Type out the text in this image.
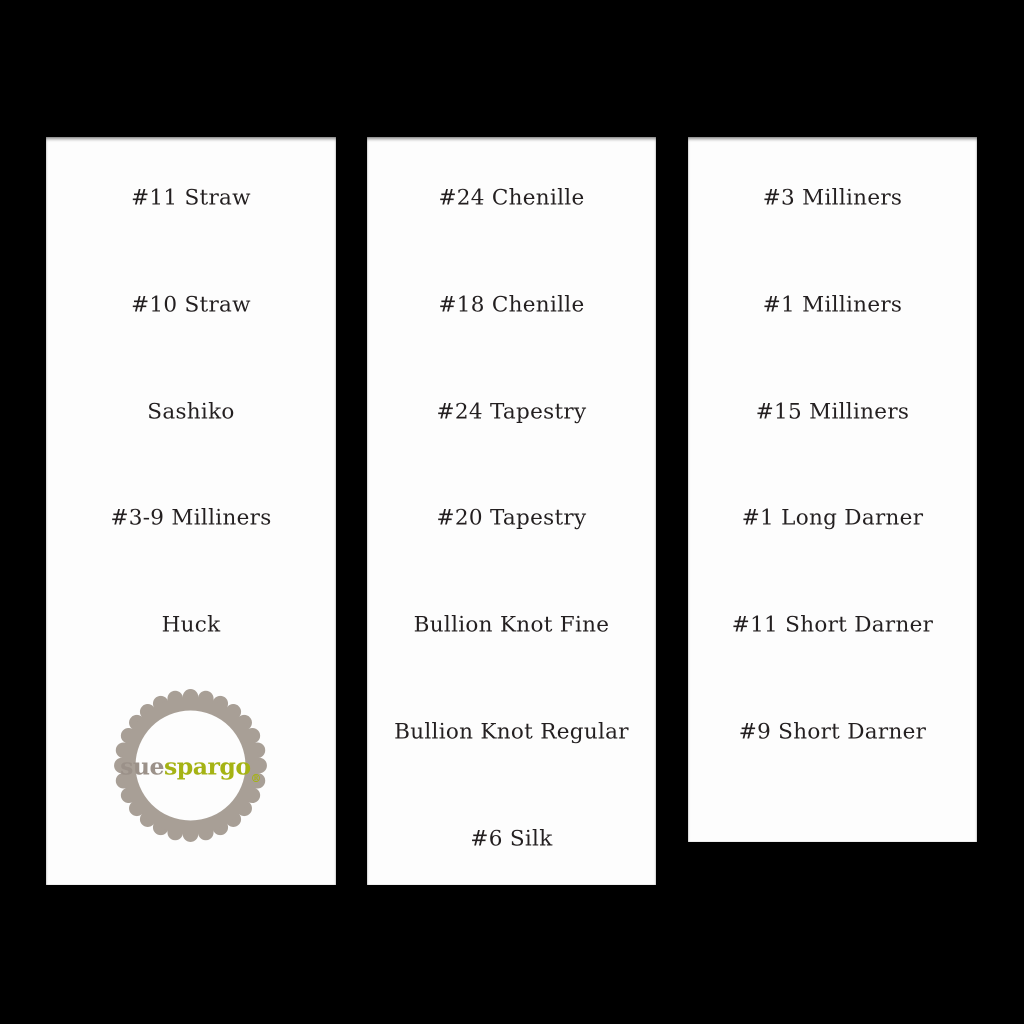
#11 Straw
#10 Straw
Sashiko
#3-9 Milliners
Huck
suespargo$_®$
#24 Chenille
#18 Chenille
#24 Tapestry
#20 Tapestry
Bullion Knot Fine
Bullion Knot Regular
#6 Silk
#3 Milliners
#1 Milliners
#15 Milliners
#1 Long Darner
#11 Short Darner
#9 Short Darner
